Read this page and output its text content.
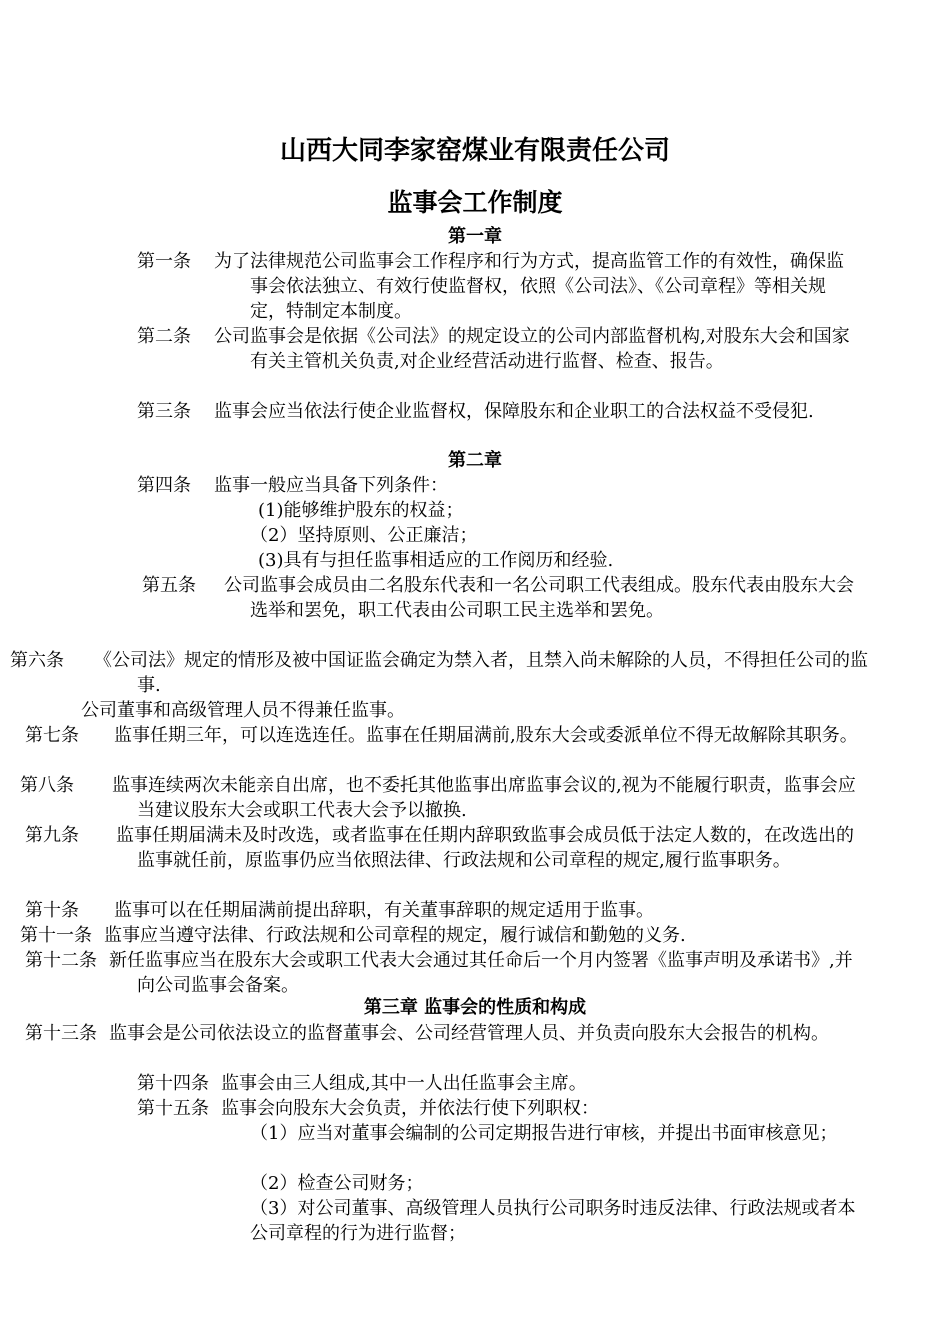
山西大同李家窑煤业有限责任公司
监事会工作制度
第一章

第一条 为了法律规范公司监事会工作程序和行为方式，提高监管工作的有效性，确保监事会依法独立、有效行使监督权，依照《公司法》、《公司章程》等相关规定，特制定本制度。

第二条 公司监事会是依据《公司法》的规定设立的公司内部监督机构,对股东大会和国家有关主管机关负责,对企业经营活动进行监督、检查、报告。

第三条 监事会应当依法行使企业监督权，保障股东和企业职工的合法权益不受侵犯.

第二章

第四条 监事一般应当具备下列条件：

(1)能够维护股东的权益；
（2）坚持原则、公正廉洁；
(3)具有与担任监事相适应的工作阅历和经验.

第五条 公司监事会成员由二名股东代表和一名公司职工代表组成。股东代表由股东大会选举和罢免，职工代表由公司职工民主选举和罢免。

第六条 《公司法》规定的情形及被中国证监会确定为禁入者，且禁入尚未解除的人员，不得担任公司的监事.

公司董事和高级管理人员不得兼任监事。

第七条 监事任期三年，可以连选连任。监事在任期届满前,股东大会或委派单位不得无故解除其职务。

第八条 监事连续两次未能亲自出席，也不委托其他监事出席监事会议的,视为不能履行职责，监事会应当建议股东大会或职工代表大会予以撤换.

第九条 监事任期届满未及时改选，或者监事在任期内辞职致监事会成员低于法定人数的，在改选出的监事就任前，原监事仍应当依照法律、行政法规和公司章程的规定,履行监事职务。

第十条 监事可以在任期届满前提出辞职，有关董事辞职的规定适用于监事。

第十一条 监事应当遵守法律、行政法规和公司章程的规定，履行诚信和勤勉的义务.

第十二条 新任监事应当在股东大会或职工代表大会通过其任命后一个月内签署《监事声明及承诺书》,并向公司监事会备案。

第三章 监事会的性质和构成

第十三条 监事会是公司依法设立的监督董事会、公司经营管理人员、并负责向股东大会报告的机构。

第十四条 监事会由三人组成,其中一人出任监事会主席。
第十五条 监事会向股东大会负责，并依法行使下列职权：

（1）应当对董事会编制的公司定期报告进行审核，并提出书面审核意见；

（2）检查公司财务；

（3）对公司董事、高级管理人员执行公司职务时违反法律、行政法规或者本公司章程的行为进行监督；
